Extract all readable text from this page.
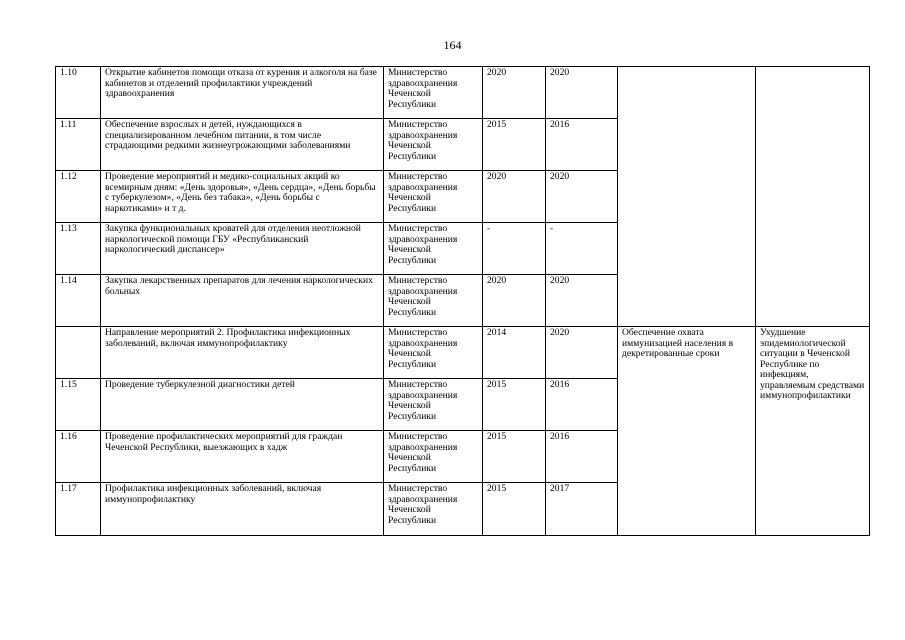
164
1.10	Открытие кабинетов помощи отказа от курения и алкоголя на базе кабинетов и отделений профилактики учреждений здравоохранения	Министерство здравоохранения Чеченской Республики	2020	2020		
1.11	Обеспечение взрослых и детей, нуждающихся в специализированном лечебном питании, в том числе страдающими редкими жизнеугрожающими заболеваниями	Министерство здравоохранения Чеченской Республики	2015	2016		
1.12	Проведение мероприятий и медико-социальных акций ко всемирным дням: «День здоровья», «День сердца», «День борьбы с туберкулезом», «День без табака», «День борьбы с наркотиками» и т д.	Министерство здравоохранения Чеченской Республики	2020	2020		
1.13	Закупка функциональных кроватей для отделения неотложной наркологической помощи ГБУ «Республиканский наркологический диспансер»	Министерство здравоохранения Чеченской Республики	-	-		
1.14	Закупка лекарственных препаратов для лечения наркологических больных	Министерство здравоохранения Чеченской Республики	2020	2020		
	Направление мероприятий 2. Профилактика инфекционных заболеваний, включая иммунопрофилактику	Министерство здравоохранения Чеченской Республики	2014	2020	Обеспечение охвата иммунизацией населения в декретированные сроки	Ухудшение эпидемиологической ситуации в Чеченской Республике по инфекциям, управляемым средствами иммунопрофилактики
1.15	Проведение туберкулезной диагностики детей	Министерство здравоохранения Чеченской Республики	2015	2016		
1.16	Проведение профилактических мероприятий для граждан Чеченской Республики, выезжающих в хадж	Министерство здравоохранения Чеченской Республики	2015	2016		
1.17	Профилактика инфекционных заболеваний, включая иммунопрофилактику	Министерство здравоохранения Чеченской Республики	2015	2017		
